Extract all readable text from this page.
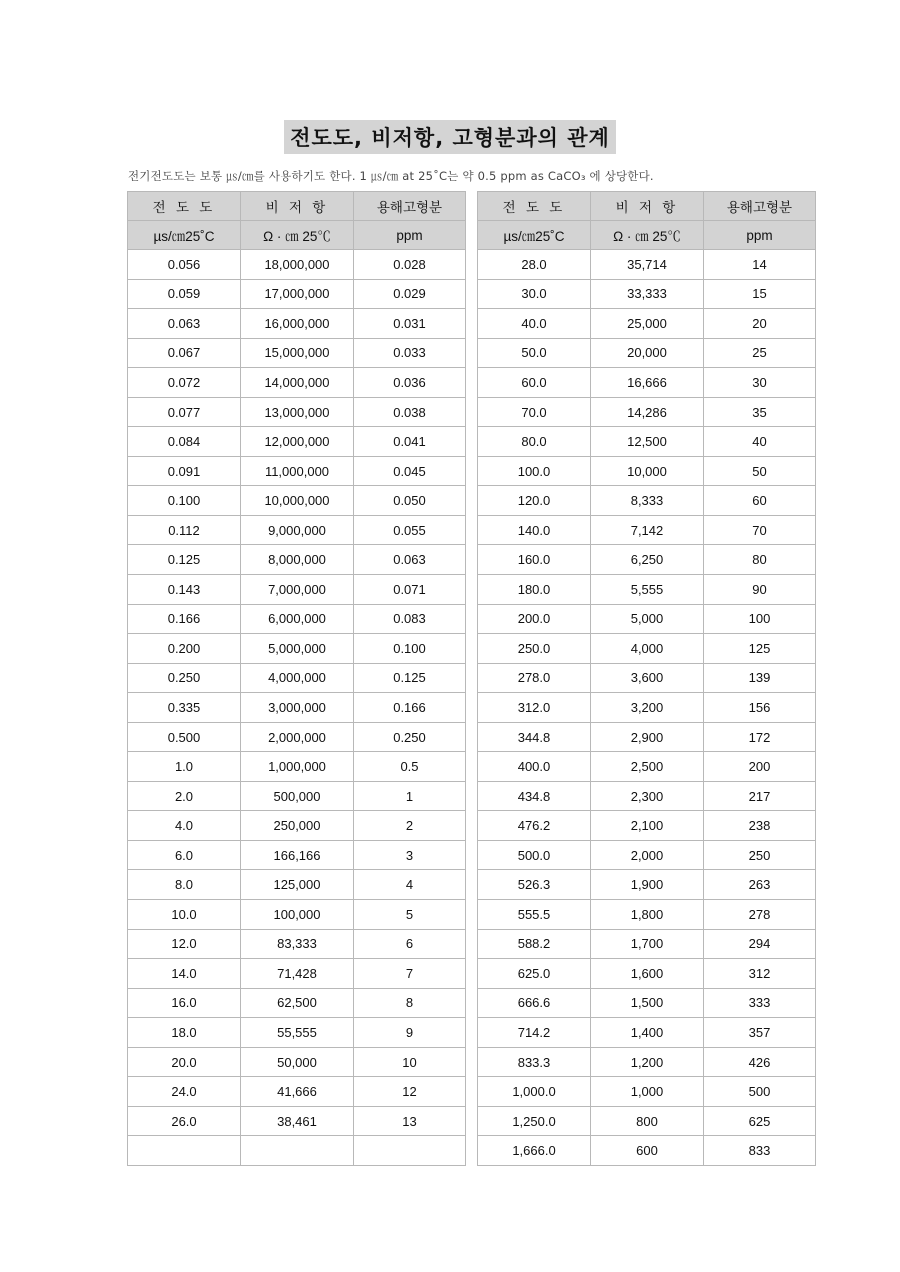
전도도, 비저항, 고형분과의 관계
전기전도도는 보통 ㎲/㎝를 사용하기도 한다. 1 ㎲/㎝ at 25˚C는 약 0.5 ppm as CaCO₃ 에 상당한다.
전 도 도	비 저 항	용해고형분
µs/㎝25˚C	Ω · ㎝ 25℃	ppm
0.056	18,000,000	0.028
0.059	17,000,000	0.029
0.063	16,000,000	0.031
0.067	15,000,000	0.033
0.072	14,000,000	0.036
0.077	13,000,000	0.038
0.084	12,000,000	0.041
0.091	11,000,000	0.045
0.100	10,000,000	0.050
0.112	9,000,000	0.055
0.125	8,000,000	0.063
0.143	7,000,000	0.071
0.166	6,000,000	0.083
0.200	5,000,000	0.100
0.250	4,000,000	0.125
0.335	3,000,000	0.166
0.500	2,000,000	0.250
1.0	1,000,000	0.5
2.0	500,000	1
4.0	250,000	2
6.0	166,166	3
8.0	125,000	4
10.0	100,000	5
12.0	83,333	6
14.0	71,428	7
16.0	62,500	8
18.0	55,555	9
20.0	50,000	10
24.0	41,666	12
26.0	38,461	13

전 도 도	비 저 항	용해고형분
µs/㎝25˚C	Ω · ㎝ 25℃	ppm
28.0	35,714	14
30.0	33,333	15
40.0	25,000	20
50.0	20,000	25
60.0	16,666	30
70.0	14,286	35
80.0	12,500	40
100.0	10,000	50
120.0	8,333	60
140.0	7,142	70
160.0	6,250	80
180.0	5,555	90
200.0	5,000	100
250.0	4,000	125
278.0	3,600	139
312.0	3,200	156
344.8	2,900	172
400.0	2,500	200
434.8	2,300	217
476.2	2,100	238
500.0	2,000	250
526.3	1,900	263
555.5	1,800	278
588.2	1,700	294
625.0	1,600	312
666.6	1,500	333
714.2	1,400	357
833.3	1,200	426
1,000.0	1,000	500
1,250.0	800	625
1,666.0	600	833
